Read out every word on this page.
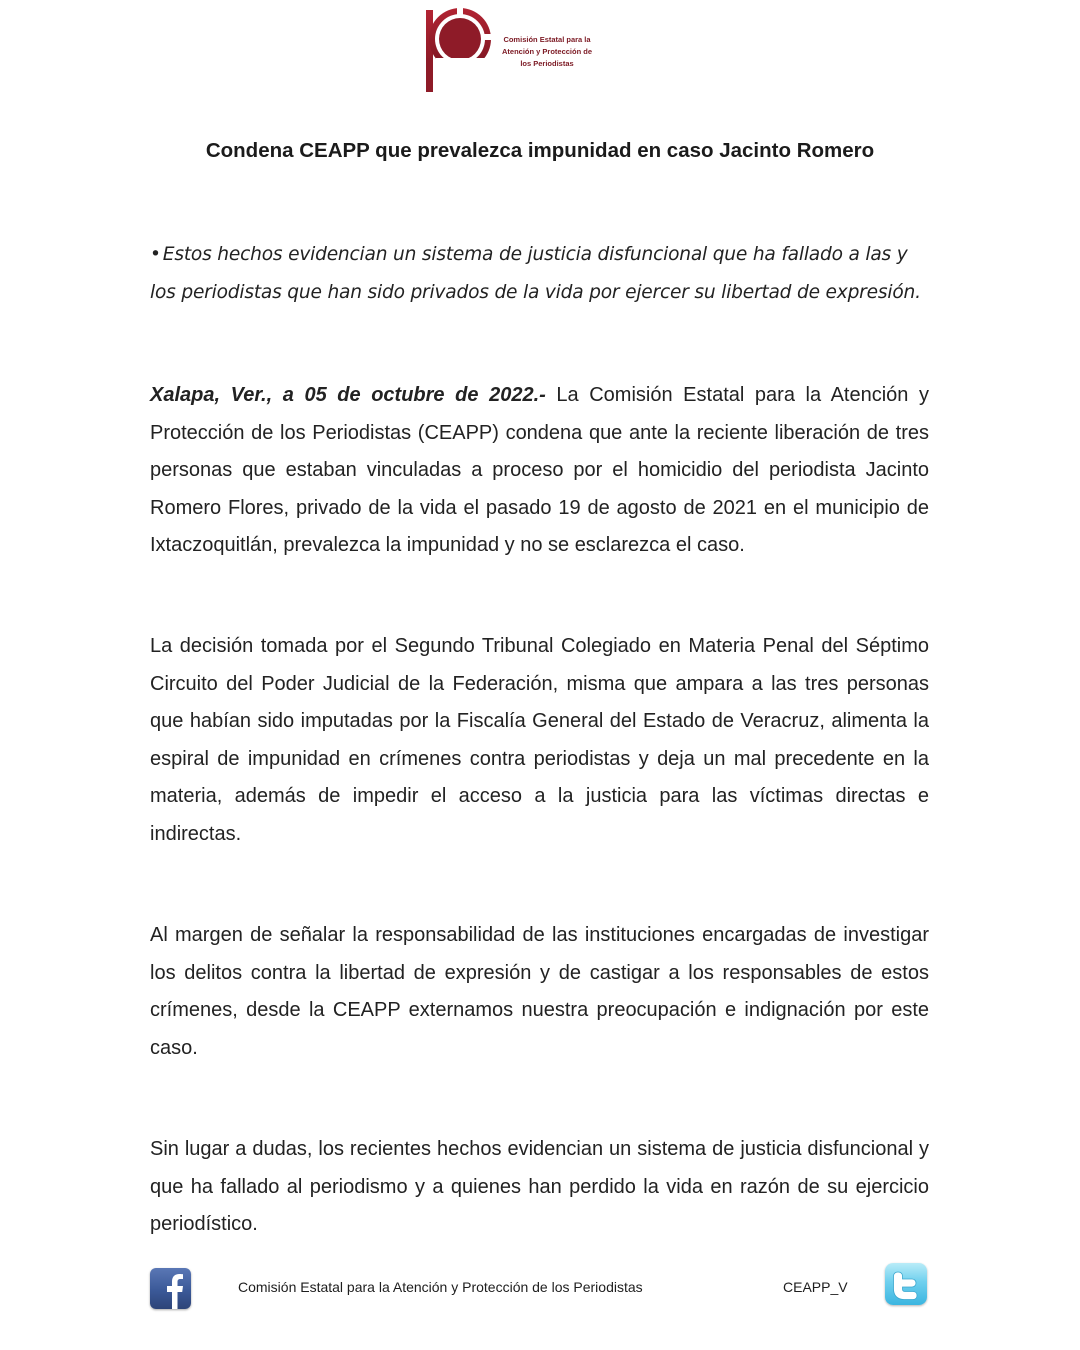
Comisión Estatal para la
Atención y Protección de
los Periodistas
Condena CEAPP que prevalezca impunidad en caso Jacinto Romero
• Estos hechos evidencian un sistema de justicia disfuncional que ha fallado a las y los periodistas que han sido privados de la vida por ejercer su libertad de expresión.
Xalapa, Ver., a 05 de octubre de 2022.- La Comisión Estatal para la Atención y Protección de los Periodistas (CEAPP) condena que ante la reciente liberación de tres personas que estaban vinculadas a proceso por el homicidio del periodista Jacinto Romero Flores, privado de la vida el pasado 19 de agosto de 2021 en el municipio de Ixtaczoquitlán, prevalezca la impunidad y no se esclarezca el caso.
La decisión tomada por el Segundo Tribunal Colegiado en Materia Penal del Séptimo Circuito del Poder Judicial de la Federación, misma que ampara a las tres personas que habían sido imputadas por la Fiscalía General del Estado de Veracruz, alimenta la espiral de impunidad en crímenes contra periodistas y deja un mal precedente en la materia, además de impedir el acceso a la justicia para las víctimas directas e indirectas.
Al margen de señalar la responsabilidad de las instituciones encargadas de investigar los delitos contra la libertad de expresión y de castigar a los responsables de estos crímenes, desde la CEAPP externamos nuestra preocupación e indignación por este caso.
Sin lugar a dudas, los recientes hechos evidencian un sistema de justicia disfuncional y que ha fallado al periodismo y a quienes han perdido la vida en razón de su ejercicio periodístico.
Comisión Estatal para la Atención y Protección de los Periodistas	CEAPP_V
